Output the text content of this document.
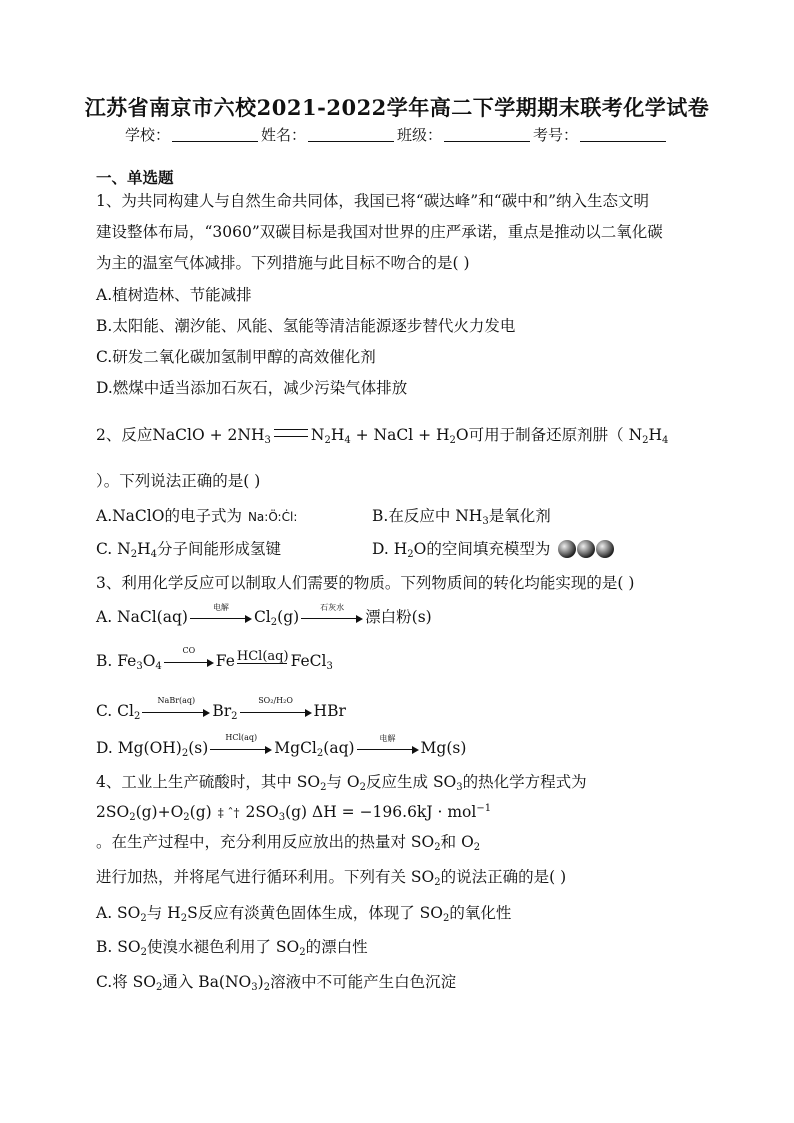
江苏省南京市六校2021-2022学年高二下学期期末联考化学试卷
学校：	姓名：	班级：	考号：
一、单选题
1、为共同构建人与自然生命共同体，我国已将“碳达峰”和“碳中和”纳入生态文明
建设整体布局，“3060”双碳目标是我国对世界的庄严承诺，重点是推动以二氧化碳
为主的温室气体减排。下列措施与此目标不吻合的是( )
A.植树造林、节能减排
B.太阳能、潮汐能、风能、氢能等清洁能源逐步替代火力发电
C.研发二氧化碳加氢制甲醇的高效催化剂
D.燃煤中适当添加石灰石，减少污染气体排放
2、反应NaClO + $2NH_3$	$N_2H_4$ + NaCl + $H_2O$可用于制备还原剂肼（ $N_2H_4$
）。下列说法正确的是( )
A.NaClO的电子式为 Na:Ö:Ċl:	B.在反应中 $NH_3$是氧化剂
C. $N_2H_4$分子间能形成氢键	D. $H_2O$的空间填充模型为
3、利用化学反应可以制取人们需要的物质。下列物质间的转化均能实现的是( )
A. NaCl(aq)
电解
$Cl_2(g)$
石灰水
漂白粉(s)
B. $Fe_3O_4$
CO
Fe HCl(aq) FeCl$_3$
C. $Cl_2$
NaBr(aq)
$Br_2$
SO₂/H₂O
HBr
D. $Mg(OH)_2(s)$
HCl(aq)
MgCl$_2$(aq)
电解
Mg(s)
4、工业上生产硫酸时，其中 $SO_2$与 $O_2$反应生成 $SO_3$的热化学方程式为
$2SO_2(g)+O_2(g)$ ‡ ˆ† $2SO_3(g) \Delta H = -196.6kJ \cdot mol^{-1}$
。在生产过程中，充分利用反应放出的热量对 $SO_2$和 $O_2$
进行加热，并将尾气进行循环利用。下列有关 $SO_2$的说法正确的是( )
A. $SO_2$与 $H_2S$反应有淡黄色固体生成，体现了 $SO_2$的氧化性
B. $SO_2$使溴水褪色利用了 $SO_2$的漂白性
C.将 $SO_2$通入 $Ba(NO_3)_2$溶液中不可能产生白色沉淀
